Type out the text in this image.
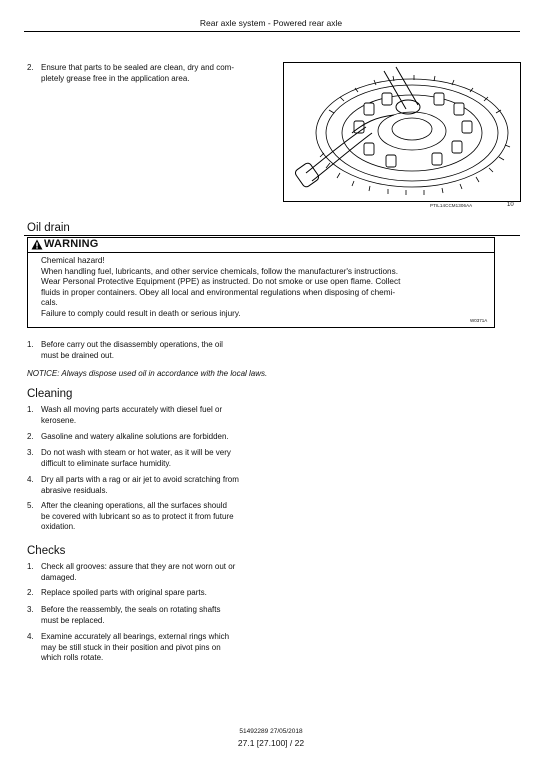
Rear axle system - Powered rear axle
2. Ensure that parts to be sealed are clean, dry and com-
pletely grease free in the application area.
PTIL14CCM1306AA	10
Oil drain
WARNING
Chemical hazard!
When handling fuel, lubricants, and other service chemicals, follow the manufacturer's instructions.
Wear Personal Protective Equipment (PPE) as instructed. Do not smoke or use open flame. Collect
fluids in proper containers. Obey all local and environmental regulations when disposing of chemi-
cals.
Failure to comply could result in death or serious injury.
W0371A
1. Before carry out the disassembly operations, the oil
must be drained out.
NOTICE: Always dispose used oil in accordance with the local laws.
Cleaning
1. Wash all moving parts accurately with diesel fuel or
kerosene.
2. Gasoline and watery alkaline solutions are forbidden.
3. Do not wash with steam or hot water, as it will be very
difficult to eliminate surface humidity.
4. Dry all parts with a rag or air jet to avoid scratching from
abrasive residuals.
5. After the cleaning operations, all the surfaces should
be covered with lubricant so as to protect it from future
oxidation.
Checks
1. Check all grooves: assure that they are not worn out or
damaged.
2. Replace spoiled parts with original spare parts.
3. Before the reassembly, the seals on rotating shafts
must be replaced.
4. Examine accurately all bearings, external rings which
may be still stuck in their position and pivot pins on
which rolls rotate.
51492289 27/05/2018
27.1 [27.100] / 22
